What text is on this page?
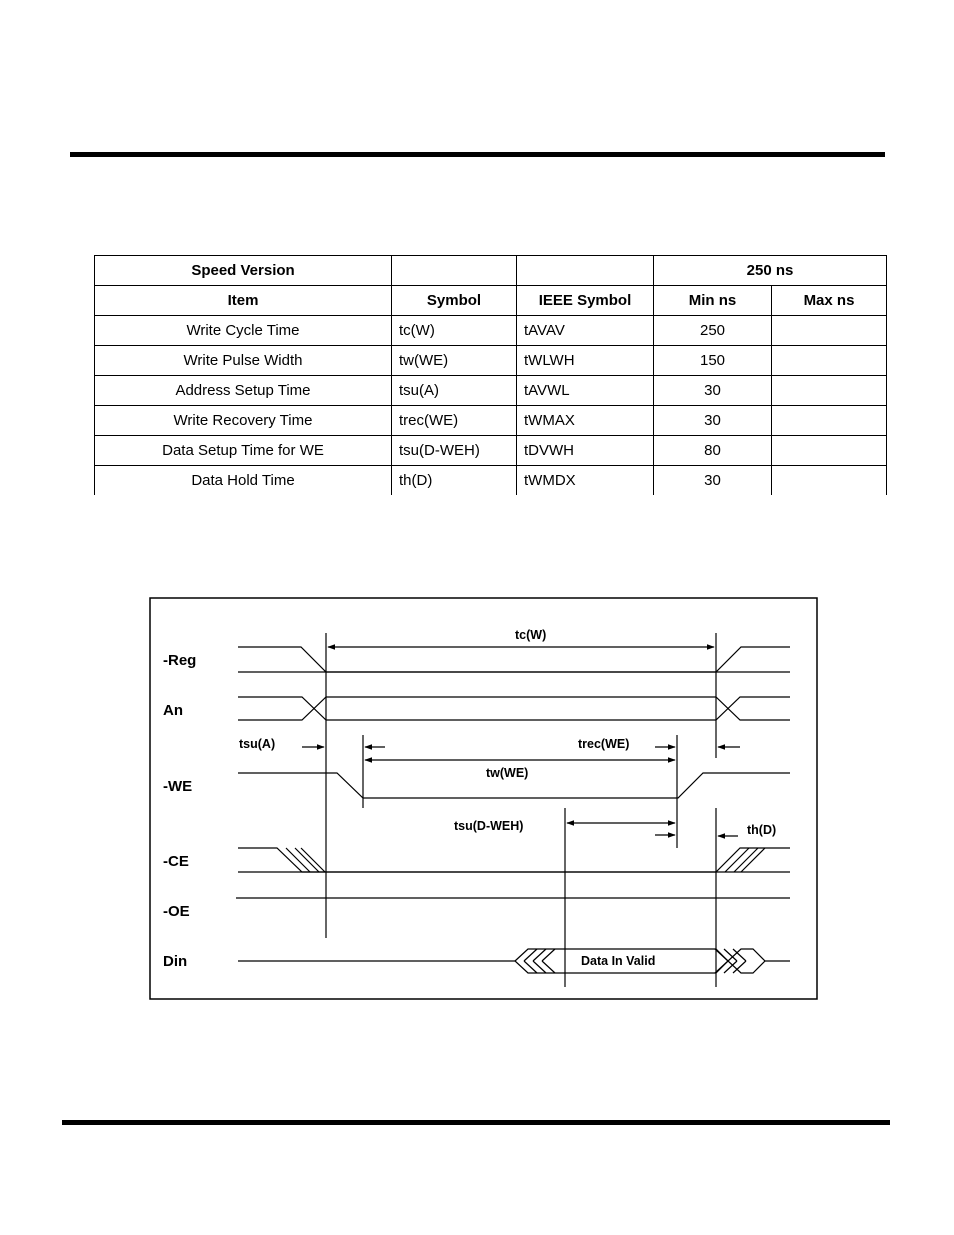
Speed Version			250 ns	
Item	Symbol	IEEE Symbol	Min ns	Max ns
Write Cycle Time	tc(W)	tAVAV	250	
Write Pulse Width	tw(WE)	tWLWH	150	
Address Setup Time	tsu(A)	tAVWL	30	
Write Recovery Time	trec(WE)	tWMAX	30	
Data Setup Time for WE	tsu(D-WEH)	tDVWH	80	
Data Hold Time	th(D)	tWMDX	30	
-Reg
An
-WE
-CE
-OE
Din	Data In Valid
tc(W)
tsu(A)	trec(WE)
tw(WE)
tsu(D-WEH)	th(D)
